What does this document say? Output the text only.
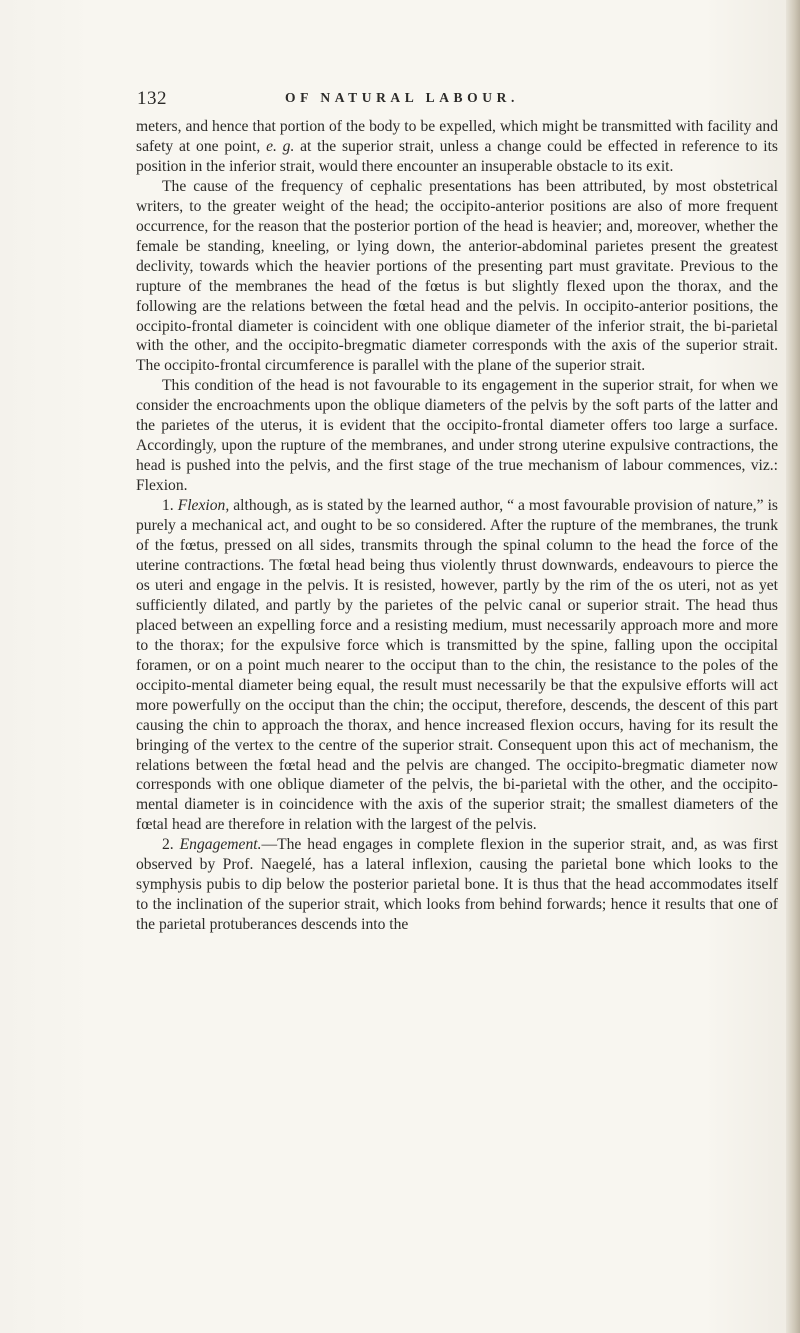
132	OF NATURAL LABOUR.

meters, and hence that portion of the body to be expelled, which might be transmitted with facility and safety at one point, e. g. at the superior strait, unless a change could be effected in reference to its position in the inferior strait, would there encounter an insuperable obstacle to its exit.

The cause of the frequency of cephalic presentations has been attributed, by most obstetrical writers, to the greater weight of the head; the occipito-anterior positions are also of more frequent occurrence, for the reason that the posterior portion of the head is heavier; and, moreover, whether the female be standing, kneeling, or lying down, the anterior-abdominal parietes present the greatest declivity, towards which the heavier portions of the presenting part must gravitate. Previous to the rupture of the membranes the head of the fœtus is but slightly flexed upon the thorax, and the following are the relations between the fœtal head and the pelvis. In occipito-anterior positions, the occipito-frontal diameter is coincident with one oblique diameter of the inferior strait, the bi-parietal with the other, and the occipito-bregmatic diameter corresponds with the axis of the superior strait. The occipito-frontal circumference is parallel with the plane of the superior strait.

This condition of the head is not favourable to its engagement in the superior strait, for when we consider the encroachments upon the oblique diameters of the pelvis by the soft parts of the latter and the parietes of the uterus, it is evident that the occipito-frontal diameter offers too large a surface. Accordingly, upon the rupture of the membranes, and under strong uterine expulsive contractions, the head is pushed into the pelvis, and the first stage of the true mechanism of labour commences, viz.: Flexion.

1. Flexion, although, as is stated by the learned author, “ a most favourable provision of nature,” is purely a mechanical act, and ought to be so considered. After the rupture of the membranes, the trunk of the fœtus, pressed on all sides, transmits through the spinal column to the head the force of the uterine contractions. The fœtal head being thus violently thrust downwards, endeavours to pierce the os uteri and engage in the pelvis. It is resisted, however, partly by the rim of the os uteri, not as yet sufficiently dilated, and partly by the parietes of the pelvic canal or superior strait. The head thus placed between an expelling force and a resisting medium, must necessarily approach more and more to the thorax; for the expulsive force which is transmitted by the spine, falling upon the occipital foramen, or on a point much nearer to the occiput than to the chin, the resistance to the poles of the occipito-mental diameter being equal, the result must necessarily be that the expulsive efforts will act more powerfully on the occiput than the chin; the occiput, therefore, descends, the descent of this part causing the chin to approach the thorax, and hence increased flexion occurs, having for its result the bringing of the vertex to the centre of the superior strait. Consequent upon this act of mechanism, the relations between the fœtal head and the pelvis are changed. The occipito-bregmatic diameter now corresponds with one oblique diameter of the pelvis, the bi-parietal with the other, and the occipito-mental diameter is in coincidence with the axis of the superior strait; the smallest diameters of the fœtal head are therefore in relation with the largest of the pelvis.

2. Engagement.—The head engages in complete flexion in the superior strait, and, as was first observed by Prof. Naegelé, has a lateral inflexion, causing the parietal bone which looks to the symphysis pubis to dip below the posterior parietal bone. It is thus that the head accommodates itself to the inclination of the superior strait, which looks from behind forwards; hence it results that one of the parietal protuberances descends into the
